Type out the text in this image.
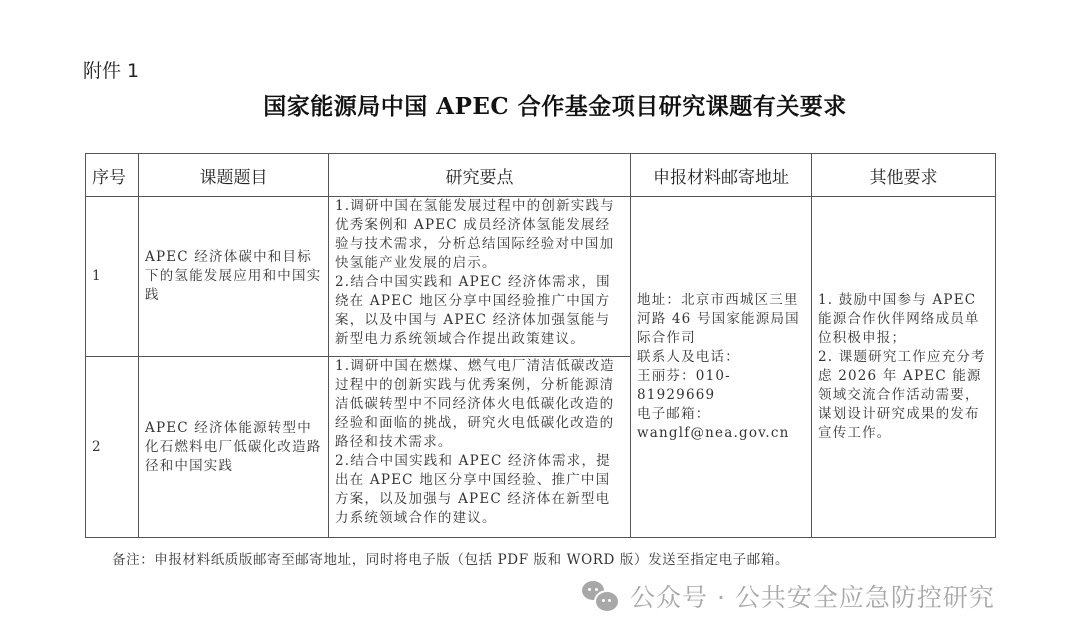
附件 1
国家能源局中国 APEC 合作基金项目研究课题有关要求
序号	课题题目	研究要点	申报材料邮寄地址	其他要求
1	APEC 经济体碳中和目标下的氢能发展应用和中国实践	1.调研中国在氢能发展过程中的创新实践与优秀案例和 APEC 成员经济体氢能发展经验与技术需求，分析总结国际经验对中国加快氢能产业发展的启示。
2.结合中国实践和 APEC 经济体需求，围绕在 APEC 地区分享中国经验推广中国方案，以及中国与 APEC 经济体加强氢能与新型电力系统领域合作提出政策建议。	地址：北京市西城区三里河路 46 号国家能源局国际合作司
联系人及电话：
王丽芬：010-81929669
电子邮箱：
wanglf@nea.gov.cn	1. 鼓励中国参与 APEC 能源合作伙伴网络成员单位积极申报；
2. 课题研究工作应充分考虑 2026 年 APEC 能源领域交流合作活动需要，谋划设计研究成果的发布宣传工作。

2	APEC 经济体能源转型中化石燃料电厂低碳化改造路径和中国实践	1.调研中国在燃煤、燃气电厂清洁低碳改造过程中的创新实践与优秀案例，分析能源清洁低碳转型中不同经济体火电低碳化改造的经验和面临的挑战，研究火电低碳化改造的路径和技术需求。
2.结合中国实践和 APEC 经济体需求，提出在 APEC 地区分享中国经验、推广中国方案，以及加强与 APEC 经济体在新型电力系统领域合作的建议。		
备注：申报材料纸质版邮寄至邮寄地址，同时将电子版（包括 PDF 版和 WORD 版）发送至指定电子邮箱。
公众号 · 公共安全应急防控研究
